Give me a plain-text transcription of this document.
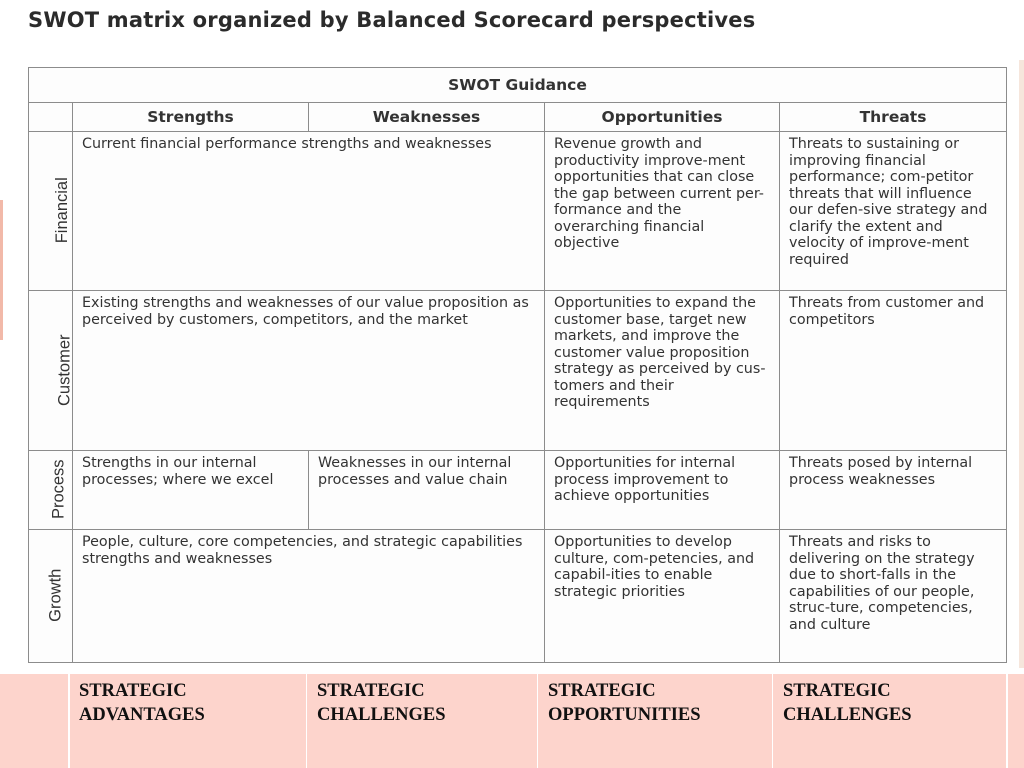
SWOT matrix organized by Balanced Scorecard perspectives
SWOT Guidance				
	Strengths	Weaknesses	Opportunities	Threats
Financial	Current financial performance strengths and weaknesses		Revenue growth and productivity improve-ment opportunities that can close the gap between current per-formance and the overarching financial objective	Threats to sustaining or improving financial performance; com-petitor threats that will influence our defen-sive strategy and clarify the extent and velocity of improve-ment required

Customer	Existing strengths and weaknesses of our value proposition as perceived by customers, competitors, and the market		Opportunities to expand the customer base, target new markets, and improve the customer value proposition strategy as perceived by cus-tomers and their requirements	Threats from customer and competitors

Process	Strengths in our internal processes; where we excel	Weaknesses in our internal processes and value chain	Opportunities for internal process improvement to achieve opportunities	Threats posed by internal process weaknesses

Growth	People, culture, core competencies, and strategic capabilities strengths and weaknesses		Opportunities to develop culture, com-petencies, and capabil-ities to enable strategic priorities	Threats and risks to delivering on the strategy due to short-falls in the capabilities of our people, struc-ture, competencies, and culture
STRATEGIC
ADVANTAGES
STRATEGIC
CHALLENGES
STRATEGIC
OPPORTUNITIES
STRATEGIC
CHALLENGES
